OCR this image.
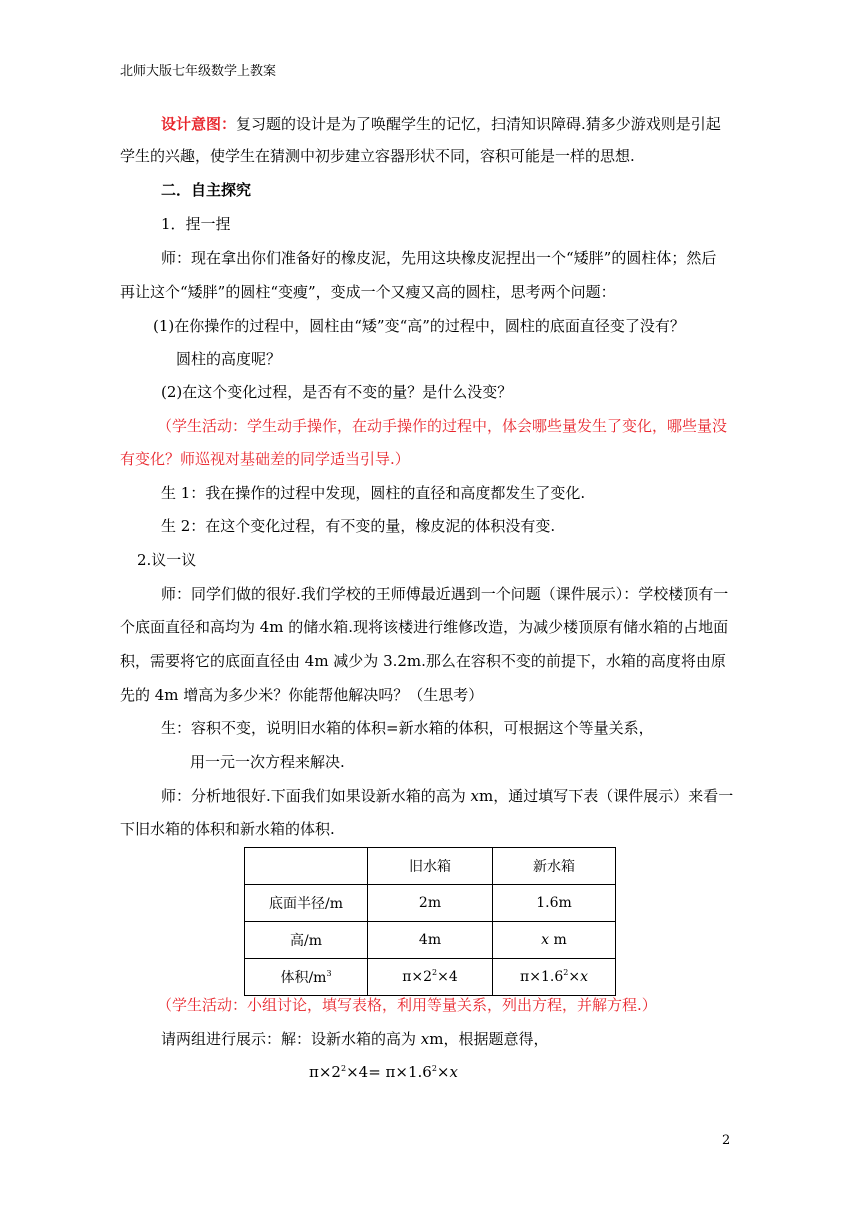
北师大版七年级数学上教案
设计意图：复习题的设计是为了唤醒学生的记忆，扫清知识障碍.猜多少游戏则是引起
学生的兴趣，使学生在猜测中初步建立容器形状不同，容积可能是一样的思想.
二．自主探究
1．捏一捏
师：现在拿出你们准备好的橡皮泥，先用这块橡皮泥捏出一个“矮胖”的圆柱体；然后
再让这个“矮胖”的圆柱“变瘦”，变成一个又瘦又高的圆柱，思考两个问题：
(1)在你操作的过程中，圆柱由“矮”变“高”的过程中，圆柱的底面直径变了没有？
圆柱的高度呢？
(2)在这个变化过程，是否有不变的量？是什么没变？
（学生活动：学生动手操作，在动手操作的过程中，体会哪些量发生了变化，哪些量没
有变化？师巡视对基础差的同学适当引导.）
生 1：我在操作的过程中发现，圆柱的直径和高度都发生了变化.
生 2：在这个变化过程，有不变的量，橡皮泥的体积没有变.
2.议一议
师：同学们做的很好.我们学校的王师傅最近遇到一个问题（课件展示）：学校楼顶有一
个底面直径和高均为 4m 的储水箱.现将该楼进行维修改造，为减少楼顶原有储水箱的占地面
积，需要将它的底面直径由 4m 减少为 3.2m.那么在容积不变的前提下，水箱的高度将由原
先的 4m 增高为多少米？你能帮他解决吗？（生思考）
生：容积不变，说明旧水箱的体积=新水箱的体积，可根据这个等量关系，
用一元一次方程来解决.
师：分析地很好.下面我们如果设新水箱的高为 xm，通过填写下表（课件展示）来看一
下旧水箱的体积和新水箱的体积.
	旧水箱	新水箱
底面半径/m	2m	1.6m
高/m	4m	x m
体积$/m^3$	$\pi\times 2^2\times 4$	$\pi\times 1.6^2\times x$
（学生活动：小组讨论，填写表格，利用等量关系，列出方程，并解方程.）
请两组进行展示：解：设新水箱的高为 xm，根据题意得，
$\pi\times 2^2\times 4= \pi\times 1.6^2\times x$
2
